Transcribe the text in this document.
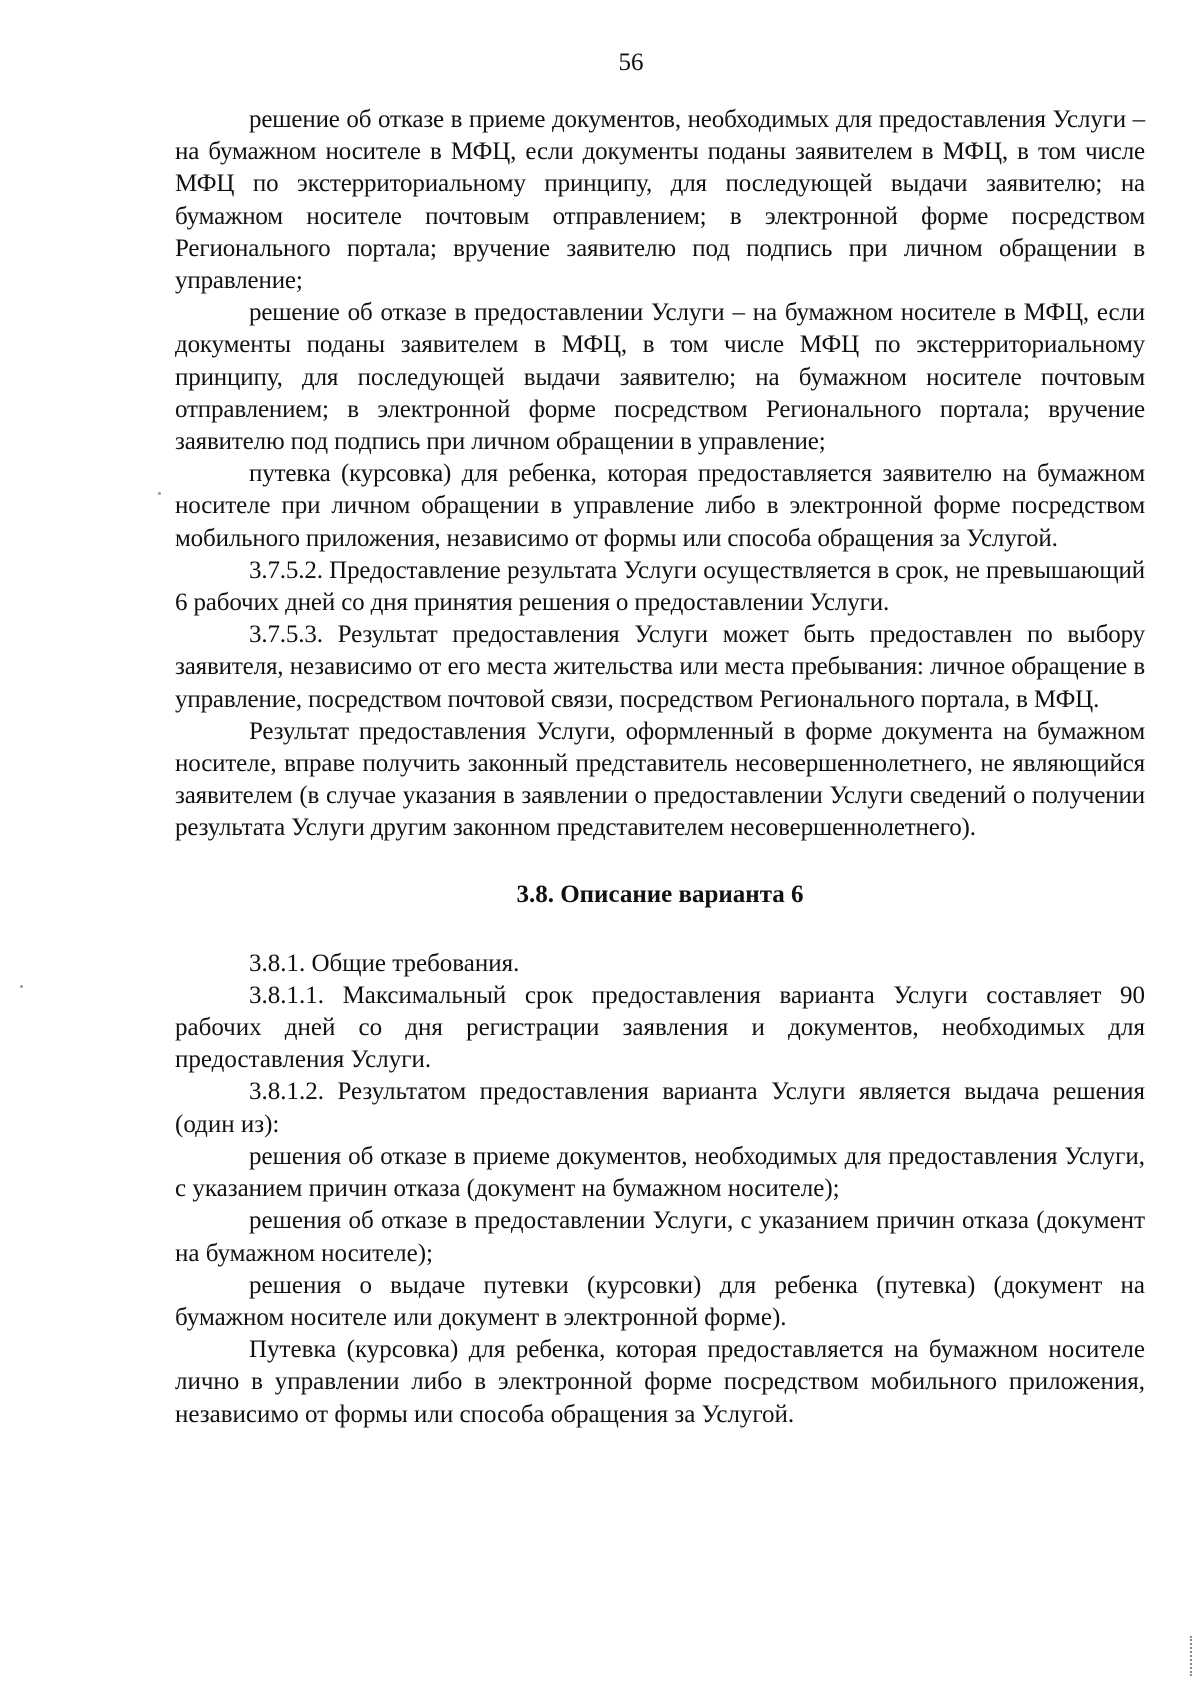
56

решение об отказе в приеме документов, необходимых для предоставления Услуги – на бумажном носителе в МФЦ, если документы поданы заявителем в МФЦ, в том числе МФЦ по экстерриториальному принципу, для последующей выдачи заявителю; на бумажном носителе почтовым отправлением; в электронной форме посредством Регионального портала; вручение заявителю под подпись при личном обращении в управление;

решение об отказе в предоставлении Услуги – на бумажном носителе в МФЦ, если документы поданы заявителем в МФЦ, в том числе МФЦ по экстерриториальному принципу, для последующей выдачи заявителю; на бумажном носителе почтовым отправлением; в электронной форме посредством Регионального портала; вручение заявителю под подпись при личном обращении в управление;

путевка (курсовка) для ребенка, которая предоставляется заявителю на бумажном носителе при личном обращении в управление либо в электронной форме посредством мобильного приложения, независимо от формы или способа обращения за Услугой.

3.7.5.2. Предоставление результата Услуги осуществляется в срок, не превышающий 6 рабочих дней со дня принятия решения о предоставлении Услуги.

3.7.5.3. Результат предоставления Услуги может быть предоставлен по выбору заявителя, независимо от его места жительства или места пребывания: личное обращение в управление, посредством почтовой связи, посредством Регионального портала, в МФЦ.

Результат предоставления Услуги, оформленный в форме документа на бумажном носителе, вправе получить законный представитель несовершеннолетнего, не являющийся заявителем (в случае указания в заявлении о предоставлении Услуги сведений о получении результата Услуги другим законном представителем несовершеннолетнего).

3.8. Описание варианта 6

3.8.1. Общие требования.

3.8.1.1. Максимальный срок предоставления варианта Услуги составляет 90 рабочих дней со дня регистрации заявления и документов, необходимых для предоставления Услуги.

3.8.1.2. Результатом предоставления варианта Услуги является выдача решения (один из):

решения об отказе в приеме документов, необходимых для предоставления Услуги, с указанием причин отказа (документ на бумажном носителе);

решения об отказе в предоставлении Услуги, с указанием причин отказа (документ на бумажном носителе);

решения о выдаче путевки (курсовки) для ребенка (путевка) (документ на бумажном носителе или документ в электронной форме).

Путевка (курсовка) для ребенка, которая предоставляется на бумажном носителе лично в управлении либо в электронной форме посредством мобильного приложения, независимо от формы или способа обращения за Услугой.
